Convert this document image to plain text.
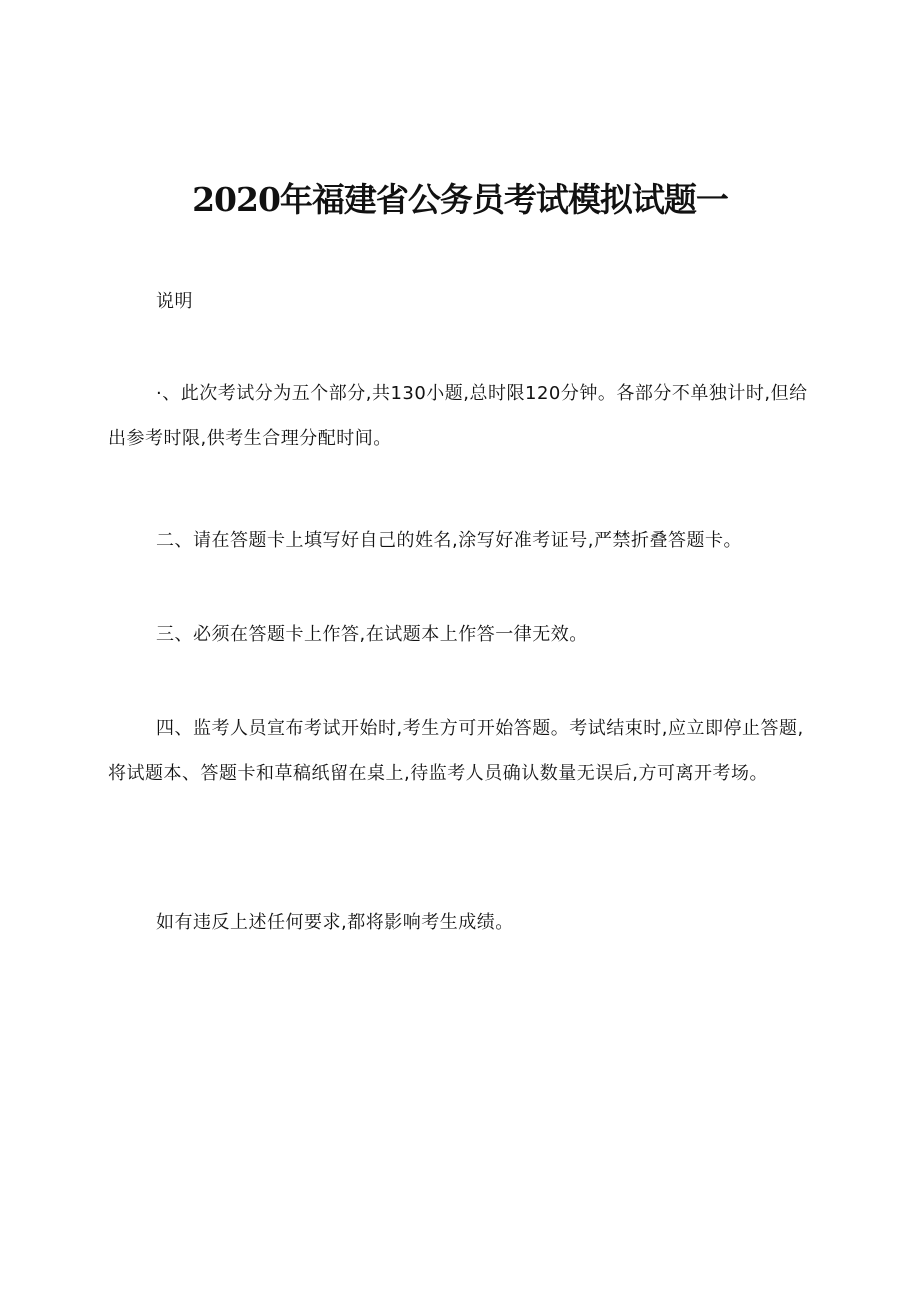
2020年福建省公务员考试模拟试题一

说明

·、此次考试分为五个部分,共130小题,总时限120分钟。各部分不单独计时,但给出参考时限,供考生合理分配时间。

二、请在答题卡上填写好自己的姓名,涂写好准考证号,严禁折叠答题卡。

三、必须在答题卡上作答,在试题本上作答一律无效。

四、监考人员宣布考试开始时,考生方可开始答题。考试结束时,应立即停止答题,将试题本、答题卡和草稿纸留在桌上,待监考人员确认数量无误后,方可离开考场。

如有违反上述任何要求,都将影响考生成绩。
